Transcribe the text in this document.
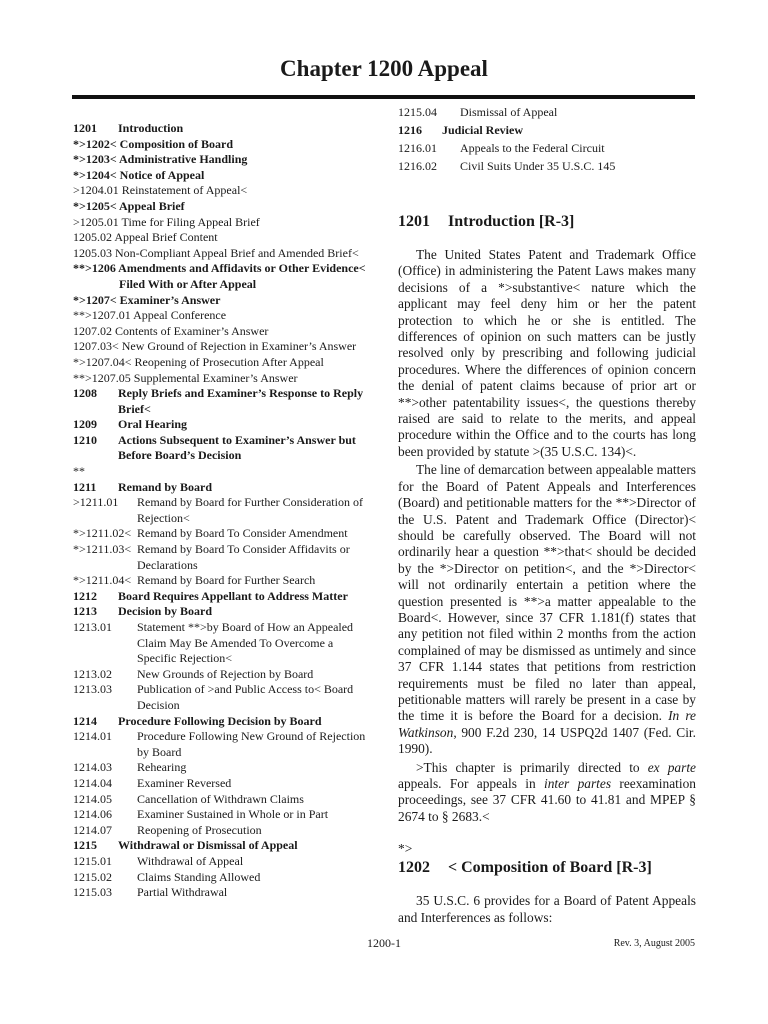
Chapter 1200 Appeal
1201	Introduction
*>1202< Composition of Board
*>1203< Administrative Handling
*>1204< Notice of Appeal
>1204.01 Reinstatement of Appeal<
*>1205< Appeal Brief
>1205.01 Time for Filing Appeal Brief
1205.02 Appeal Brief Content
1205.03 Non-Compliant Appeal Brief and Amended Brief<
**>1206 Amendments and Affidavits or Other Evidence< Filed With or After Appeal
*>1207< Examiner’s Answer
**>1207.01 Appeal Conference
1207.02 Contents of Examiner’s Answer
1207.03< New Ground of Rejection in Examiner’s Answer
*>1207.04< Reopening of Prosecution After Appeal
**>1207.05 Supplemental Examiner’s Answer
1208	Reply Briefs and Examiner’s Response to Reply Brief<
1209	Oral Hearing
1210	Actions Subsequent to Examiner’s Answer but Before Board’s Decision
**
1211	Remand by Board
>1211.01	Remand by Board for Further Consideration of Rejection<
*>1211.02< Remand by Board To Consider Amendment
*>1211.03< Remand by Board To Consider Affidavits or Declarations
*>1211.04< Remand by Board for Further Search
1212	Board Requires Appellant to Address Matter
1213	Decision by Board
1213.01	Statement **>by Board of How an Appealed Claim May Be Amended To Overcome a Specific Rejection<
1213.02	New Grounds of Rejection by Board
1213.03	Publication of >and Public Access to< Board Decision
1214	Procedure Following Decision by Board
1214.01	Procedure Following New Ground of Rejection by Board
1214.03	Rehearing
1214.04	Examiner Reversed
1214.05	Cancellation of Withdrawn Claims
1214.06	Examiner Sustained in Whole or in Part
1214.07	Reopening of Prosecution
1215	Withdrawal or Dismissal of Appeal
1215.01	Withdrawal of Appeal
1215.02	Claims Standing Allowed
1215.03	Partial Withdrawal
1215.04	Dismissal of Appeal
1216	Judicial Review
1216.01	Appeals to the Federal Circuit
1216.02	Civil Suits Under 35 U.S.C. 145
1201 Introduction [R-3]

The United States Patent and Trademark Office (Office) in administering the Patent Laws makes many decisions of a *>substantive< nature which the applicant may feel deny him or her the patent protection to which he or she is entitled. The differences of opinion on such matters can be justly resolved only by prescribing and following judicial procedures. Where the differences of opinion concern the denial of patent claims because of prior art or **>other patentability issues<, the questions thereby raised are said to relate to the merits, and appeal procedure within the Office and to the courts has long been provided by statute >(35 U.S.C. 134)<.

The line of demarcation between appealable matters for the Board of Patent Appeals and Interferences (Board) and petitionable matters for the **>Director of the U.S. Patent and Trademark Office (Director)< should be carefully observed. The Board will not ordinarily hear a question **>that< should be decided by the *>Director on petition<, and the *>Director< will not ordinarily entertain a petition where the question presented is **>a matter appealable to the Board<. However, since 37 CFR 1.181(f) states that any petition not filed within 2 months from the action complained of may be dismissed as untimely and since 37 CFR 1.144 states that petitions from restriction requirements must be filed no later than appeal, petitionable matters will rarely be present in a case by the time it is before the Board for a decision. In re Watkinson, 900 F.2d 230, 14 USPQ2d 1407 (Fed. Cir. 1990).

>This chapter is primarily directed to ex parte appeals. For appeals in inter partes reexamination proceedings, see 37 CFR 41.60 to 41.81 and MPEP § 2674 to § 2683.<

*>

1202 < Composition of Board [R-3]

35 U.S.C. 6 provides for a Board of Patent Appeals and Interferences as follows:

1200-1	Rev. 3, August 2005
